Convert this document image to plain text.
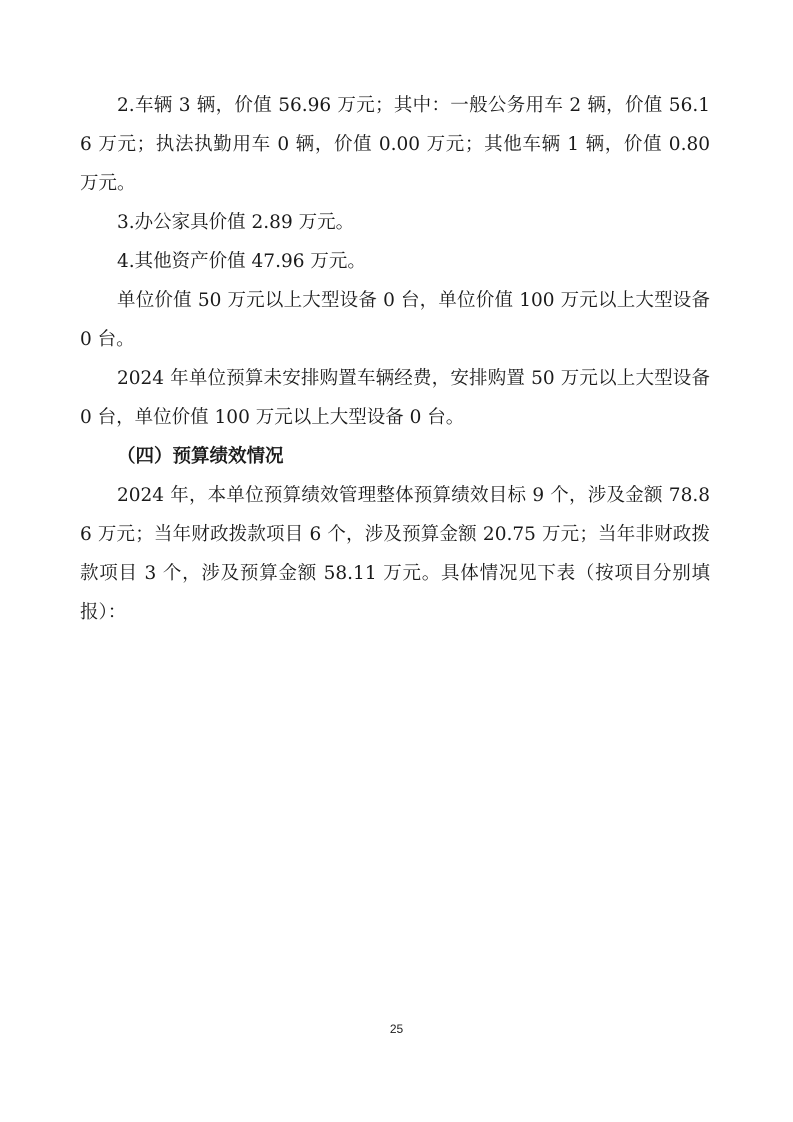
2.车辆 3 辆，价值 56.96 万元；其中：一般公务用车 2 辆，价值 56.16 万元；执法执勤用车 0 辆，价值 0.00 万元；其他车辆 1 辆，价值 0.80 万元。

3.办公家具价值 2.89 万元。

4.其他资产价值 47.96 万元。

单位价值 50 万元以上大型设备 0 台，单位价值 100 万元以上大型设备 0 台。

2024 年单位预算未安排购置车辆经费，安排购置 50 万元以上大型设备 0 台，单位价值 100 万元以上大型设备 0 台。

（四）预算绩效情况

2024 年，本单位预算绩效管理整体预算绩效目标 9 个，涉及金额 78.86 万元；当年财政拨款项目 6 个，涉及预算金额 20.75 万元；当年非财政拨款项目 3 个，涉及预算金额 58.11 万元。具体情况见下表（按项目分别填报）：

25
